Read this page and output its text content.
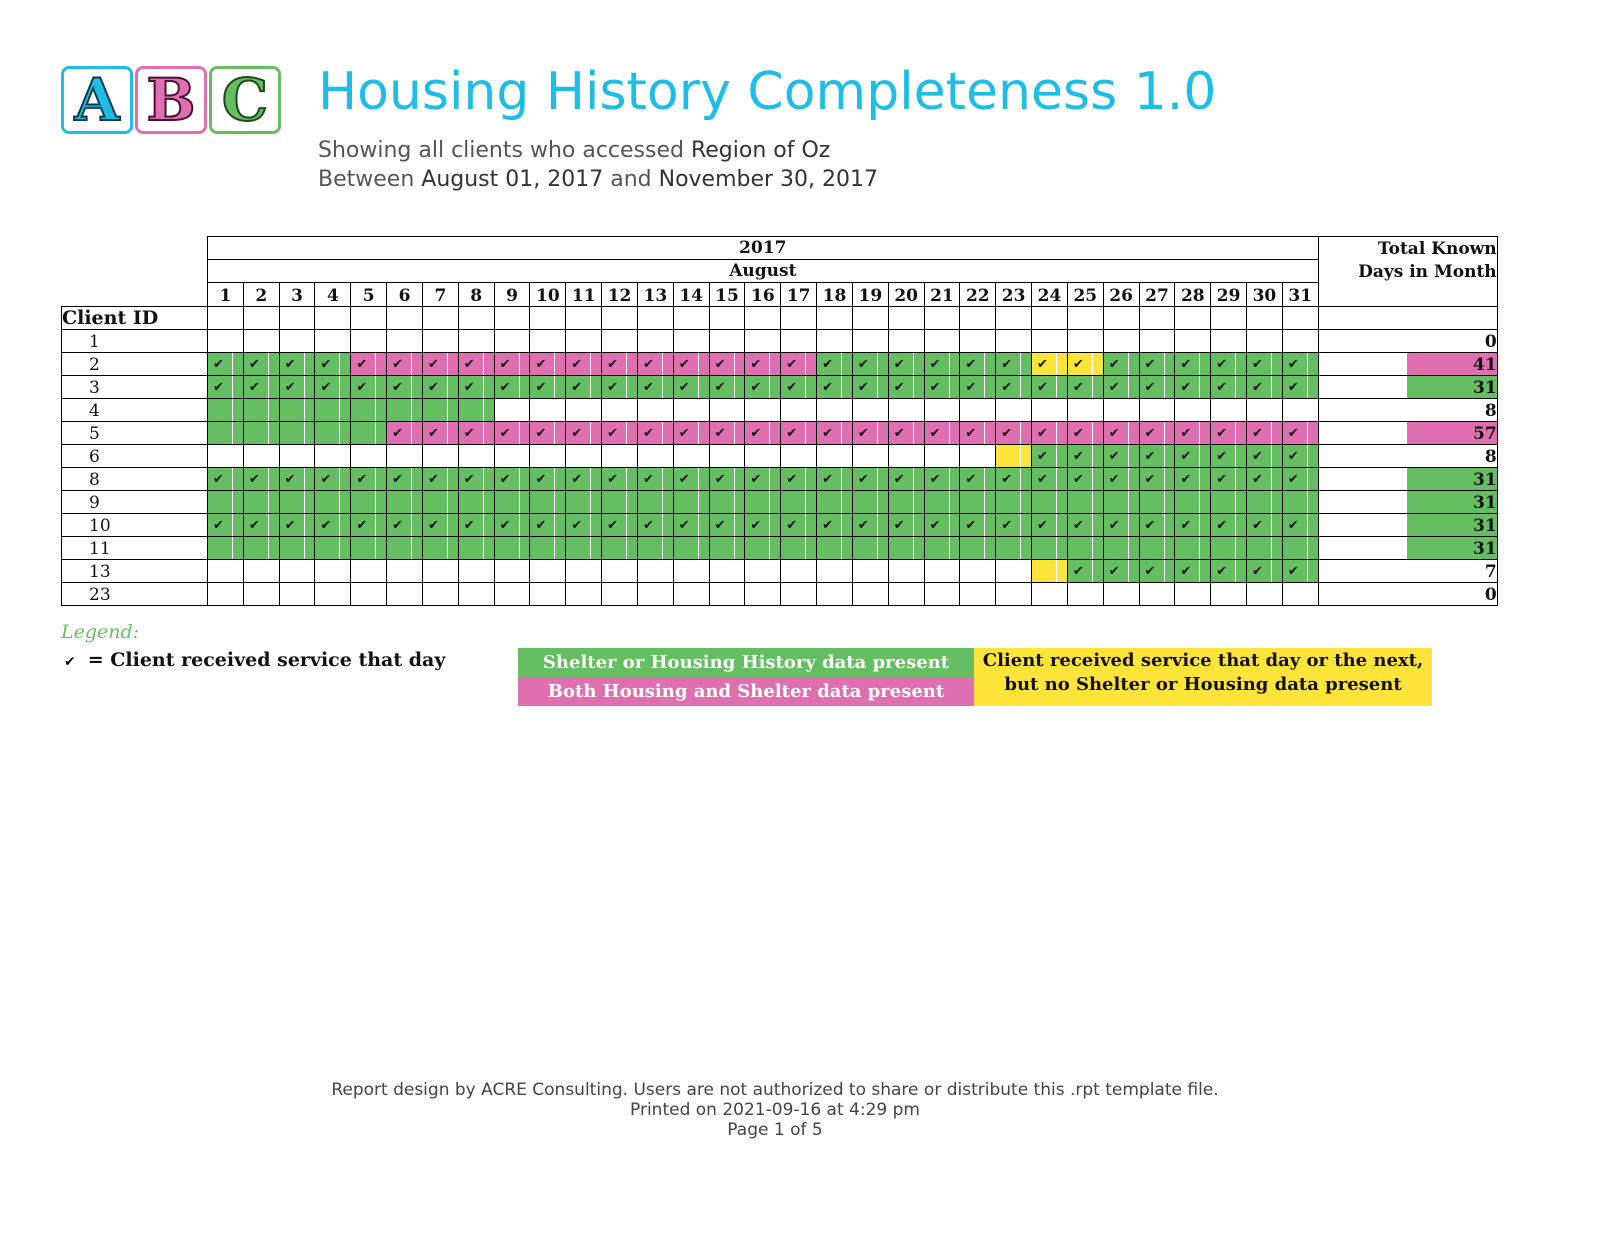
A B C Housing History Completeness 1.0
Showing all clients who accessed Region of Oz
Between August 01, 2017 and November 30, 2017
	2017																															Total Known
Days in Month

	August																															
	1	2	3	4	5	6	7	8	9	10	11	12	13	14	15	16	17	18	19	20	21	22	23	24	25	26	27	28	29	30	31	
Client ID																																
1																																0
2	✔	✔	✔	✔	✔	✔	✔	✔	✔	✔	✔	✔	✔	✔	✔	✔	✔	✔	✔	✔	✔	✔	✔	✔	✔	✔	✔	✔	✔	✔	✔	41
3	✔	✔	✔	✔	✔	✔	✔	✔	✔	✔	✔	✔	✔	✔	✔	✔	✔	✔	✔	✔	✔	✔	✔	✔	✔	✔	✔	✔	✔	✔	✔	31
4																																8
5						✔	✔	✔	✔	✔	✔	✔	✔	✔	✔	✔	✔	✔	✔	✔	✔	✔	✔	✔	✔	✔	✔	✔	✔	✔	✔	57
6																								✔	✔	✔	✔	✔	✔	✔	✔	8
8	✔	✔	✔	✔	✔	✔	✔	✔	✔	✔	✔	✔	✔	✔	✔	✔	✔	✔	✔	✔	✔	✔	✔	✔	✔	✔	✔	✔	✔	✔	✔	31
9																																31
10	✔	✔	✔	✔	✔	✔	✔	✔	✔	✔	✔	✔	✔	✔	✔	✔	✔	✔	✔	✔	✔	✔	✔	✔	✔	✔	✔	✔	✔	✔	✔	31
11																																31
13																									✔	✔	✔	✔	✔	✔	✔	7
23																																0
Legend:
✔ = Client received service that day	Shelter or Housing History data present
Both Housing and Shelter data present
Client received service that day or the next,
but no Shelter or Housing data present
Report design by ACRE Consulting. Users are not authorized to share or distribute this .rpt template file.
Printed on 2021-09-16 at 4:29 pm
Page 1 of 5
